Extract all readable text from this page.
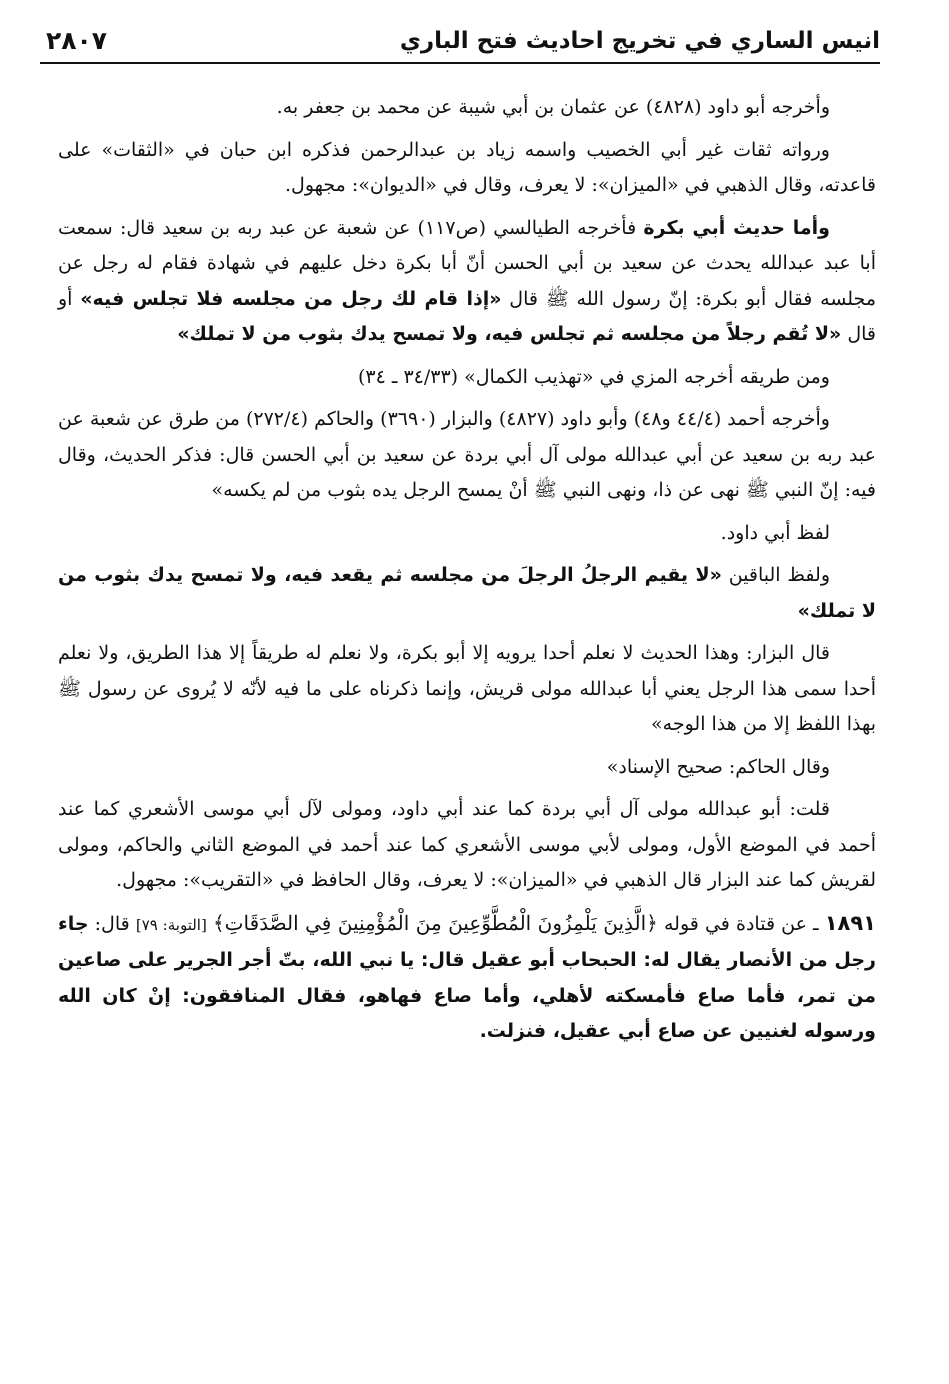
انيس الساري في تخريج احاديث فتح الباري
٢٨٠٧

وأخرجه أبو داود (٤٨٢٨) عن عثمان بن أبي شيبة عن محمد بن جعفر به.

ورواته ثقات غير أبي الخصيب واسمه زياد بن عبدالرحمن فذكره ابن حبان في «الثقات» على قاعدته، وقال الذهبي في «الميزان»: لا يعرف، وقال في «الديوان»: مجهول.

وأما حديث أبي بكرة فأخرجه الطيالسي (ص١١٧) عن شعبة عن عبد ربه بن سعيد قال: سمعت أبا عبد عبدالله يحدث عن سعيد بن أبي الحسن أنّ أبا بكرة دخل عليهم في شهادة فقام له رجل عن مجلسه فقال أبو بكرة: إنّ رسول الله ﷺ قال «إذا قام لك رجل من مجلسه فلا تجلس فيه» أو قال «لا تُقم رجلاً من مجلسه ثم تجلس فيه، ولا تمسح يدك بثوب من لا تملك»

ومن طريقه أخرجه المزي في «تهذيب الكمال» (٣٤/٣٣ ـ ٣٤)

وأخرجه أحمد (٤٤/٤ و٤٨) وأبو داود (٤٨٢٧) والبزار (٣٦٩٠) والحاكم (٢٧٢/٤) من طرق عن شعبة عن عبد ربه بن سعيد عن أبي عبدالله مولى آل أبي بردة عن سعيد بن أبي الحسن قال: فذكر الحديث، وقال فيه: إنّ النبي ﷺ نهى عن ذا، ونهى النبي ﷺ أنْ يمسح الرجل يده بثوب من لم يكسه»

لفظ أبي داود.

ولفظ الباقين «لا يقيم الرجلُ الرجلَ من مجلسه ثم يقعد فيه، ولا تمسح يدك بثوب من لا تملك»

قال البزار: وهذا الحديث لا نعلم أحدا يرويه إلا أبو بكرة، ولا نعلم له طريقاً إلا هذا الطريق، ولا نعلم أحدا سمى هذا الرجل يعني أبا عبدالله مولى قريش، وإنما ذكرناه على ما فيه لأنّه لا يُروى عن رسول ﷺ بهذا اللفظ إلا من هذا الوجه»

وقال الحاكم: صحيح الإسناد»

قلت: أبو عبدالله مولى آل أبي بردة كما عند أبي داود، ومولى لآل أبي موسى الأشعري كما عند أحمد في الموضع الأول، ومولى لأبي موسى الأشعري كما عند أحمد في الموضع الثاني والحاكم، ومولى لقريش كما عند البزار قال الذهبي في «الميزان»: لا يعرف، وقال الحافظ في «التقريب»: مجهول.

١٨٩١ ـ عن قتادة في قوله ﴿الَّذِينَ يَلْمِزُونَ الْمُطَّوِّعِينَ مِنَ الْمُؤْمِنِينَ فِي الصَّدَقَاتِ﴾ [التوبة: ٧٩] قال: جاء رجل من الأنصار يقال له: الحبحاب أبو عقيل قال: يا نبي الله، بتّ أجر الجرير على صاعين من تمر، فأما صاع فأمسكته لأهلي، وأما صاع فهاهو، فقال المنافقون: إنْ كان الله ورسوله لغنيين عن صاع أبي عقيل، فنزلت.
